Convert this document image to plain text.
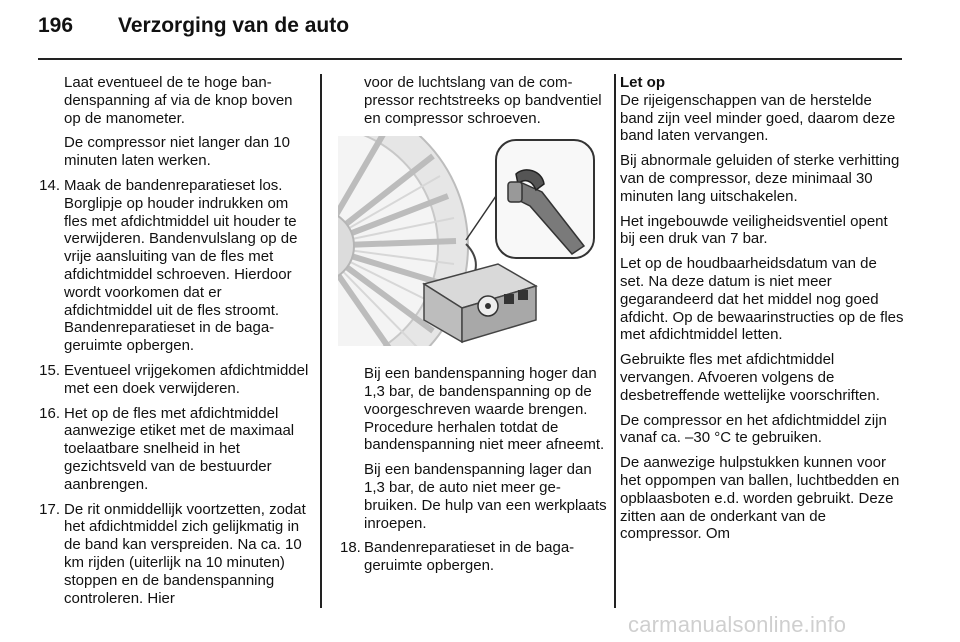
196	Verzorging van de auto

Laat eventueel de te hoge bandenspanning af via de knop boven op de manometer.

De compressor niet langer dan 10 minuten laten werken.

14. Maak de bandenreparatieset los. Borglipje op houder indrukken om fles met afdichtmiddel uit houder te verwijderen. Bandenvulslang op de vrije aansluiting van de fles met afdichtmiddel schroeven. Hierdoor wordt voorkomen dat er afdichtmiddel uit de fles stroomt. Bandenreparatieset in de bagageruimte opbergen.
15. Eventueel vrijgekomen afdichtmiddel met een doek verwijderen.
16. Het op de fles met afdichtmiddel aanwezige etiket met de maximaal toelaatbare snelheid in het gezichtsveld van de bestuurder aanbrengen.
17. De rit onmiddellijk voortzetten, zodat het afdichtmiddel zich gelijkmatig in de band kan verspreiden. Na ca. 10 km rijden (uiterlijk na 10 minuten) stoppen en de bandenspanning controleren. Hier

voor de luchtslang van de compressor rechtstreeks op bandventiel en compressor schroeven.

Bij een bandenspanning hoger dan 1,3 bar, de bandenspanning op de voorgeschreven waarde brengen. Procedure herhalen totdat de bandenspanning niet meer afneemt.

Bij een bandenspanning lager dan 1,3 bar, de auto niet meer gebruiken. De hulp van een werkplaats inroepen.

18. Bandenreparatieset in de bagageruimte opbergen.
Let op
De rijeigenschappen van de herstelde band zijn veel minder goed, daarom deze band laten vervangen.

Bij abnormale geluiden of sterke verhitting van de compressor, deze minimaal 30 minuten lang uitschakelen.

Het ingebouwde veiligheidsventiel opent bij een druk van 7 bar.

Let op de houdbaarheidsdatum van de set. Na deze datum is niet meer gegarandeerd dat het middel nog goed afdicht. Op de bewaarinstructies op de fles met afdichtmiddel letten.

Gebruikte fles met afdichtmiddel vervangen. Afvoeren volgens de desbetreffende wettelijke voorschriften.

De compressor en het afdichtmiddel zijn vanaf ca. –30 °C te gebruiken.

De aanwezige hulpstukken kunnen voor het oppompen van ballen, luchtbedden en opblaasboten e.d. worden gebruikt. Deze zitten aan de onderkant van de compressor. Om

carmanualsonline.info
